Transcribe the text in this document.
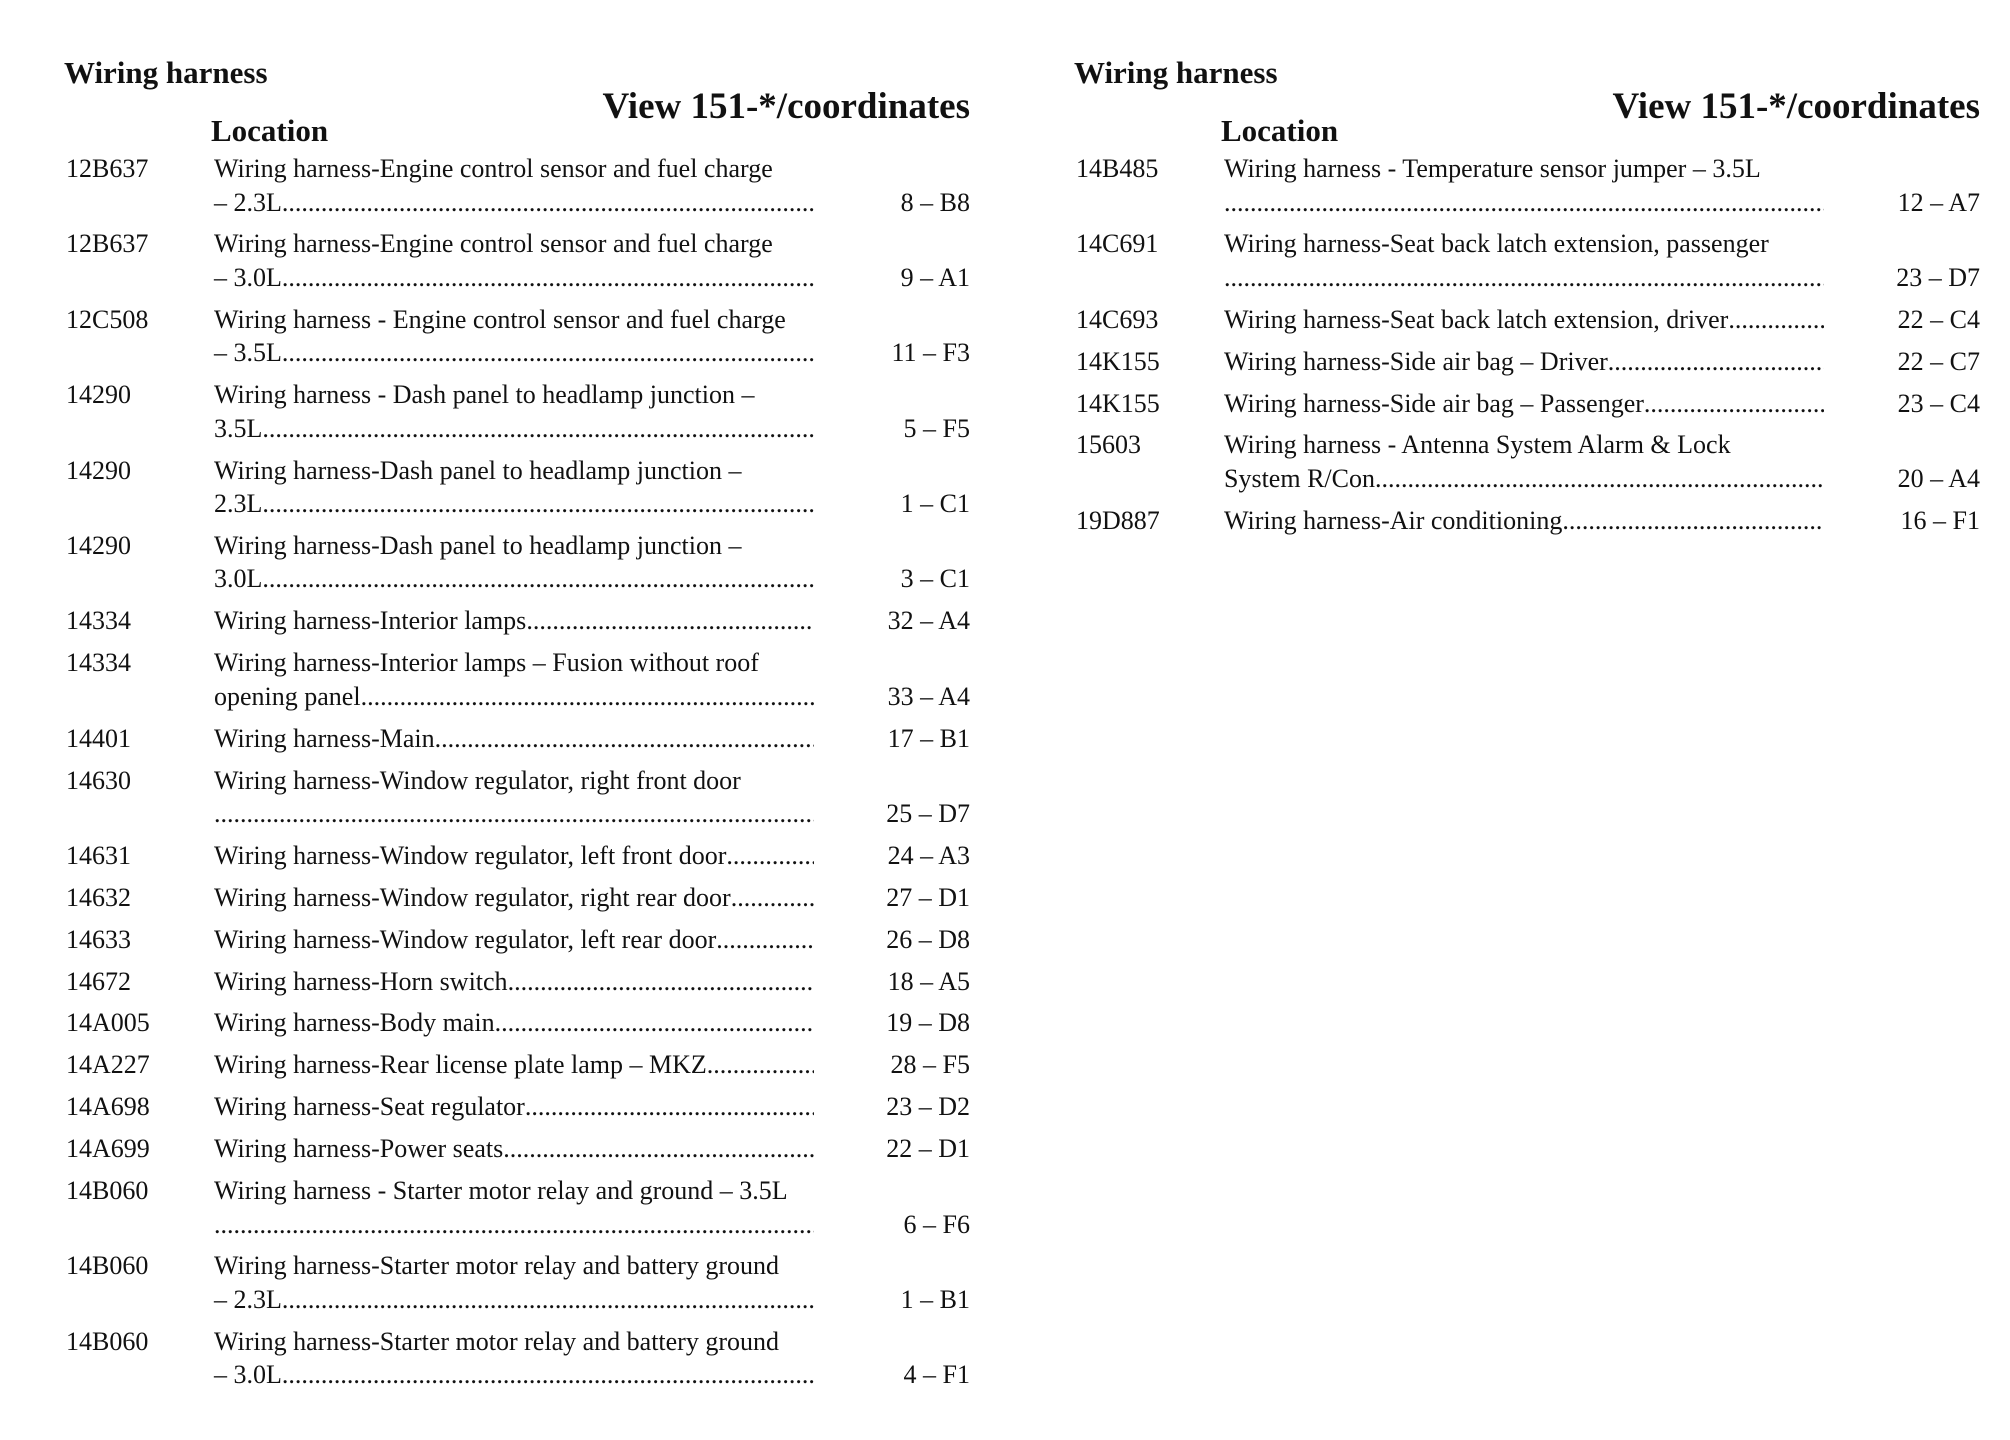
Wiring harness
Location
View 151-*/coordinates
12B637	Wiring harness-Engine control sensor and fuel charge
– 2.3L .....	8 – B8
12B637	Wiring harness-Engine control sensor and fuel charge
– 3.0L .....	9 – A1
12C508	Wiring harness - Engine control sensor and fuel charge
– 3.5L .....	11 – F3
14290	Wiring harness - Dash panel to headlamp junction –
3.5L .....	5 – F5
14290	Wiring harness-Dash panel to headlamp junction –
2.3L .....	1 – C1
14290	Wiring harness-Dash panel to headlamp junction –
3.0L .....	3 – C1
14334	Wiring harness-Interior lamps .....	32 – A4
14334	Wiring harness-Interior lamps – Fusion without roof
opening panel .....	33 – A4
14401	Wiring harness-Main .....	17 – B1
14630	Wiring harness-Window regulator, right front door
.....
25 – D7
14631	Wiring harness-Window regulator, left front door .....	24 – A3
14632	Wiring harness-Window regulator, right rear door .....	27 – D1
14633	Wiring harness-Window regulator, left rear door .....	26 – D8
14672	Wiring harness-Horn switch .....	18 – A5
14A005 Wiring harness-Body main .....	19 – D8
14A227 Wiring harness-Rear license plate lamp – MKZ .....	28 – F5
14A698 Wiring harness-Seat regulator .....	23 – D2
14A699 Wiring harness-Power seats .....	22 – D1
14B060	Wiring harness - Starter motor relay and ground – 3.5L
.....
6 – F6
14B060	Wiring harness-Starter motor relay and battery ground
– 2.3L .....	1 – B1
14B060	Wiring harness-Starter motor relay and battery ground
– 3.0L .....	4 – F1
Wiring harness
Location
View 151-*/coordinates
14B485	Wiring harness - Temperature sensor jumper – 3.5L
.....
12 – A7
14C691	Wiring harness-Seat back latch extension, passenger
.....
23 – D7
14C693	Wiring harness-Seat back latch extension, driver .....	22 – C4
14K155 Wiring harness-Side air bag – Driver .....	22 – C7
14K155 Wiring harness-Side air bag – Passenger .....	23 – C4
15603	Wiring harness - Antenna System Alarm & Lock
System R/Con. .....	20 – A4
19D887 Wiring harness-Air conditioning .....	16 – F1
